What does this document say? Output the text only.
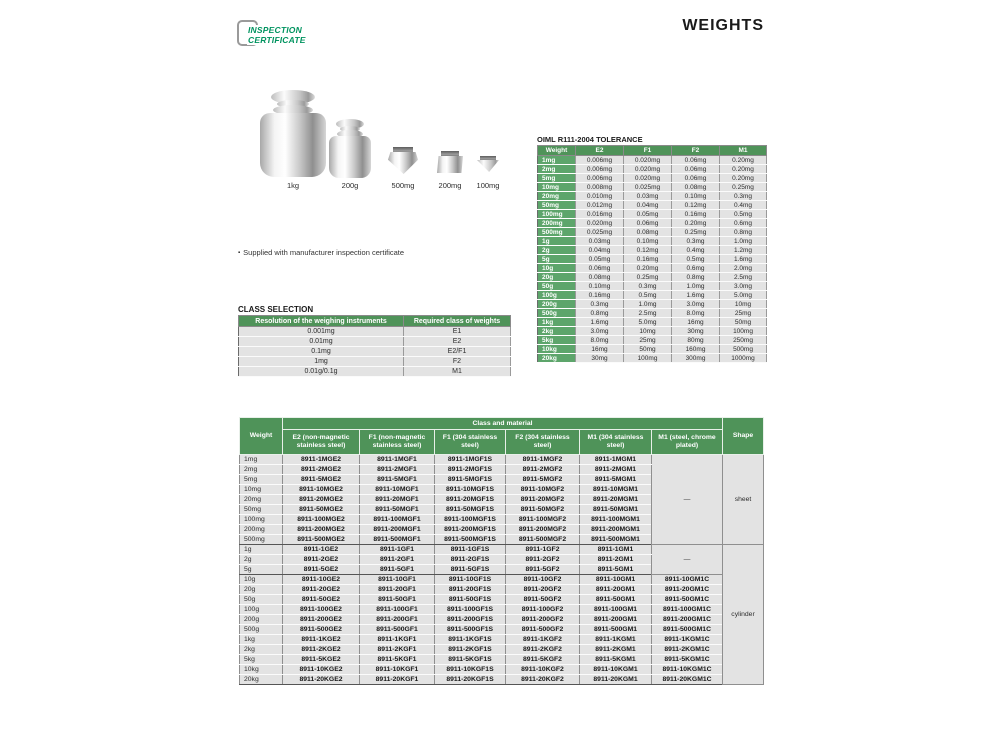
INSPECTION
CERTIFICATE
WEIGHTS
1kg	200g	500mg	200mg	100mg
▪ Supplied with manufacturer inspection certificate
OIML R111-2004 TOLERANCE
Weight	E2	F1	F2	M1
1mg	0.006mg	0.020mg	0.06mg	0.20mg
2mg	0.006mg	0.020mg	0.06mg	0.20mg
5mg	0.006mg	0.020mg	0.06mg	0.20mg
10mg	0.008mg	0.025mg	0.08mg	0.25mg
20mg	0.010mg	0.03mg	0.10mg	0.3mg
50mg	0.012mg	0.04mg	0.12mg	0.4mg
100mg	0.016mg	0.05mg	0.16mg	0.5mg
200mg	0.020mg	0.06mg	0.20mg	0.6mg
500mg	0.025mg	0.08mg	0.25mg	0.8mg
1g	0.03mg	0.10mg	0.3mg	1.0mg
2g	0.04mg	0.12mg	0.4mg	1.2mg
5g	0.05mg	0.16mg	0.5mg	1.6mg
10g	0.06mg	0.20mg	0.6mg	2.0mg
20g	0.08mg	0.25mg	0.8mg	2.5mg
50g	0.10mg	0.3mg	1.0mg	3.0mg
100g	0.16mg	0.5mg	1.6mg	5.0mg
200g	0.3mg	1.0mg	3.0mg	10mg
500g	0.8mg	2.5mg	8.0mg	25mg
1kg	1.6mg	5.0mg	16mg	50mg
2kg	3.0mg	10mg	30mg	100mg
5kg	8.0mg	25mg	80mg	250mg
10kg	16mg	50mg	160mg	500mg
20kg	30mg	100mg	300mg	1000mg
CLASS SELECTION
Resolution of the weighing instruments	Required class of weights
0.001mg	E1
0.01mg	E2
0.1mg	E2/F1
1mg	F2
0.01g/0.1g	M1
Weight	Class and material						Shape
	E2 (non-magnetic stainless steel)	F1 (non-magnetic stainless steel)	F1 (304 stainless steel)	F2 (304 stainless steel)	M1 (304 stainless steel)	M1 (steel, chrome plated)	
1mg	8911-1MGE2	8911-1MGF1	8911-1MGF1S	8911-1MGF2	8911-1MGM1	—	sheet
2mg	8911-2MGE2	8911-2MGF1	8911-2MGF1S	8911-2MGF2	8911-2MGM1		
5mg	8911-5MGE2	8911-5MGF1	8911-5MGF1S	8911-5MGF2	8911-5MGM1		
10mg	8911-10MGE2	8911-10MGF1	8911-10MGF1S	8911-10MGF2	8911-10MGM1		
20mg	8911-20MGE2	8911-20MGF1	8911-20MGF1S	8911-20MGF2	8911-20MGM1		
50mg	8911-50MGE2	8911-50MGF1	8911-50MGF1S	8911-50MGF2	8911-50MGM1		
100mg	8911-100MGE2	8911-100MGF1	8911-100MGF1S	8911-100MGF2	8911-100MGM1		
200mg	8911-200MGE2	8911-200MGF1	8911-200MGF1S	8911-200MGF2	8911-200MGM1		
500mg	8911-500MGE2	8911-500MGF1	8911-500MGF1S	8911-500MGF2	8911-500MGM1		
1g	8911-1GE2	8911-1GF1	8911-1GF1S	8911-1GF2	8911-1GM1	—	cylinder
2g	8911-2GE2	8911-2GF1	8911-2GF1S	8911-2GF2	8911-2GM1		
5g	8911-5GE2	8911-5GF1	8911-5GF1S	8911-5GF2	8911-5GM1		
10g	8911-10GE2	8911-10GF1	8911-10GF1S	8911-10GF2	8911-10GM1	8911-10GM1C	
20g	8911-20GE2	8911-20GF1	8911-20GF1S	8911-20GF2	8911-20GM1	8911-20GM1C	
50g	8911-50GE2	8911-50GF1	8911-50GF1S	8911-50GF2	8911-50GM1	8911-50GM1C	
100g	8911-100GE2	8911-100GF1	8911-100GF1S	8911-100GF2	8911-100GM1	8911-100GM1C	
200g	8911-200GE2	8911-200GF1	8911-200GF1S	8911-200GF2	8911-200GM1	8911-200GM1C	
500g	8911-500GE2	8911-500GF1	8911-500GF1S	8911-500GF2	8911-500GM1	8911-500GM1C	
1kg	8911-1KGE2	8911-1KGF1	8911-1KGF1S	8911-1KGF2	8911-1KGM1	8911-1KGM1C	
2kg	8911-2KGE2	8911-2KGF1	8911-2KGF1S	8911-2KGF2	8911-2KGM1	8911-2KGM1C	
5kg	8911-5KGE2	8911-5KGF1	8911-5KGF1S	8911-5KGF2	8911-5KGM1	8911-5KGM1C	
10kg	8911-10KGE2	8911-10KGF1	8911-10KGF1S	8911-10KGF2	8911-10KGM1	8911-10KGM1C	
20kg	8911-20KGE2	8911-20KGF1	8911-20KGF1S	8911-20KGF2	8911-20KGM1	8911-20KGM1C	
